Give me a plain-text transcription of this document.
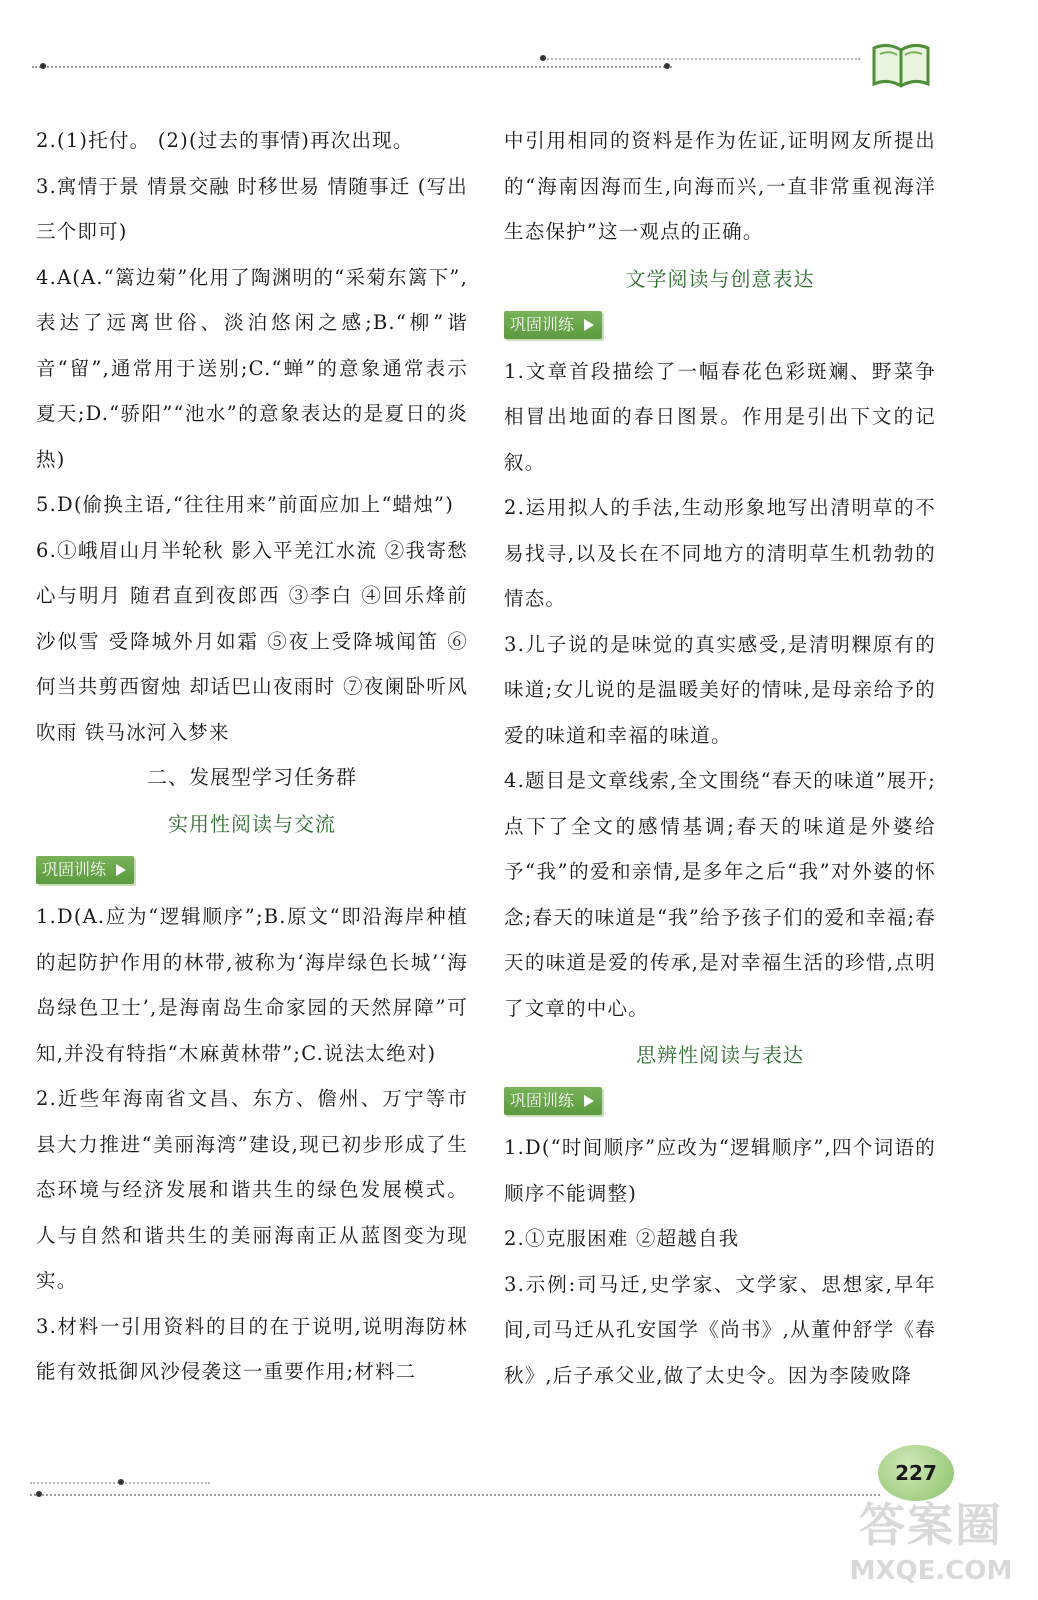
2.(1)托付。 (2)(过去的事情)再次出现。

3.寓情于景 情景交融 时移世易 情随事迁 (写出三个即可)

4.A(A.“篱边菊”化用了陶渊明的“采菊东篱下”,表达了远离世俗、淡泊悠闲之感;B.“柳”谐音“留”,通常用于送别;C.“蝉”的意象通常表示夏天;D.“骄阳”“池水”的意象表达的是夏日的炎热)

5.D(偷换主语,“往往用来”前面应加上“蜡烛”)

6.①峨眉山月半轮秋 影入平羌江水流 ②我寄愁心与明月 随君直到夜郎西 ③李白 ④回乐烽前沙似雪 受降城外月如霜 ⑤夜上受降城闻笛 ⑥何当共剪西窗烛 却话巴山夜雨时 ⑦夜阑卧听风吹雨 铁马冰河入梦来

二、发展型学习任务群
实用性阅读与交流
巩固训练

1.D(A.应为“逻辑顺序”;B.原文“即沿海岸种植的起防护作用的林带,被称为‘海岸绿色长城’‘海岛绿色卫士’,是海南岛生命家园的天然屏障”可知,并没有特指“木麻黄林带”;C.说法太绝对)

2.近些年海南省文昌、东方、儋州、万宁等市县大力推进“美丽海湾”建设,现已初步形成了生态环境与经济发展和谐共生的绿色发展模式。人与自然和谐共生的美丽海南正从蓝图变为现实。

3.材料一引用资料的目的在于说明,说明海防林能有效抵御风沙侵袭这一重要作用;材料二

中引用相同的资料是作为佐证,证明网友所提出的“海南因海而生,向海而兴,一直非常重视海洋生态保护”这一观点的正确。

文学阅读与创意表达
巩固训练

1.文章首段描绘了一幅春花色彩斑斓、野菜争相冒出地面的春日图景。作用是引出下文的记叙。

2.运用拟人的手法,生动形象地写出清明草的不易找寻,以及长在不同地方的清明草生机勃勃的情态。

3.儿子说的是味觉的真实感受,是清明粿原有的味道;女儿说的是温暖美好的情味,是母亲给予的爱的味道和幸福的味道。

4.题目是文章线索,全文围绕“春天的味道”展开;点下了全文的感情基调;春天的味道是外婆给予“我”的爱和亲情,是多年之后“我”对外婆的怀念;春天的味道是“我”给予孩子们的爱和幸福;春天的味道是爱的传承,是对幸福生活的珍惜,点明了文章的中心。

思辨性阅读与表达
巩固训练

1.D(“时间顺序”应改为“逻辑顺序”,四个词语的顺序不能调整)

2.①克服困难 ②超越自我

3.示例:司马迁,史学家、文学家、思想家,早年间,司马迁从孔安国学《尚书》,从董仲舒学《春秋》,后子承父业,做了太史令。因为李陵败降

227
答案圈
MXQE.COM
